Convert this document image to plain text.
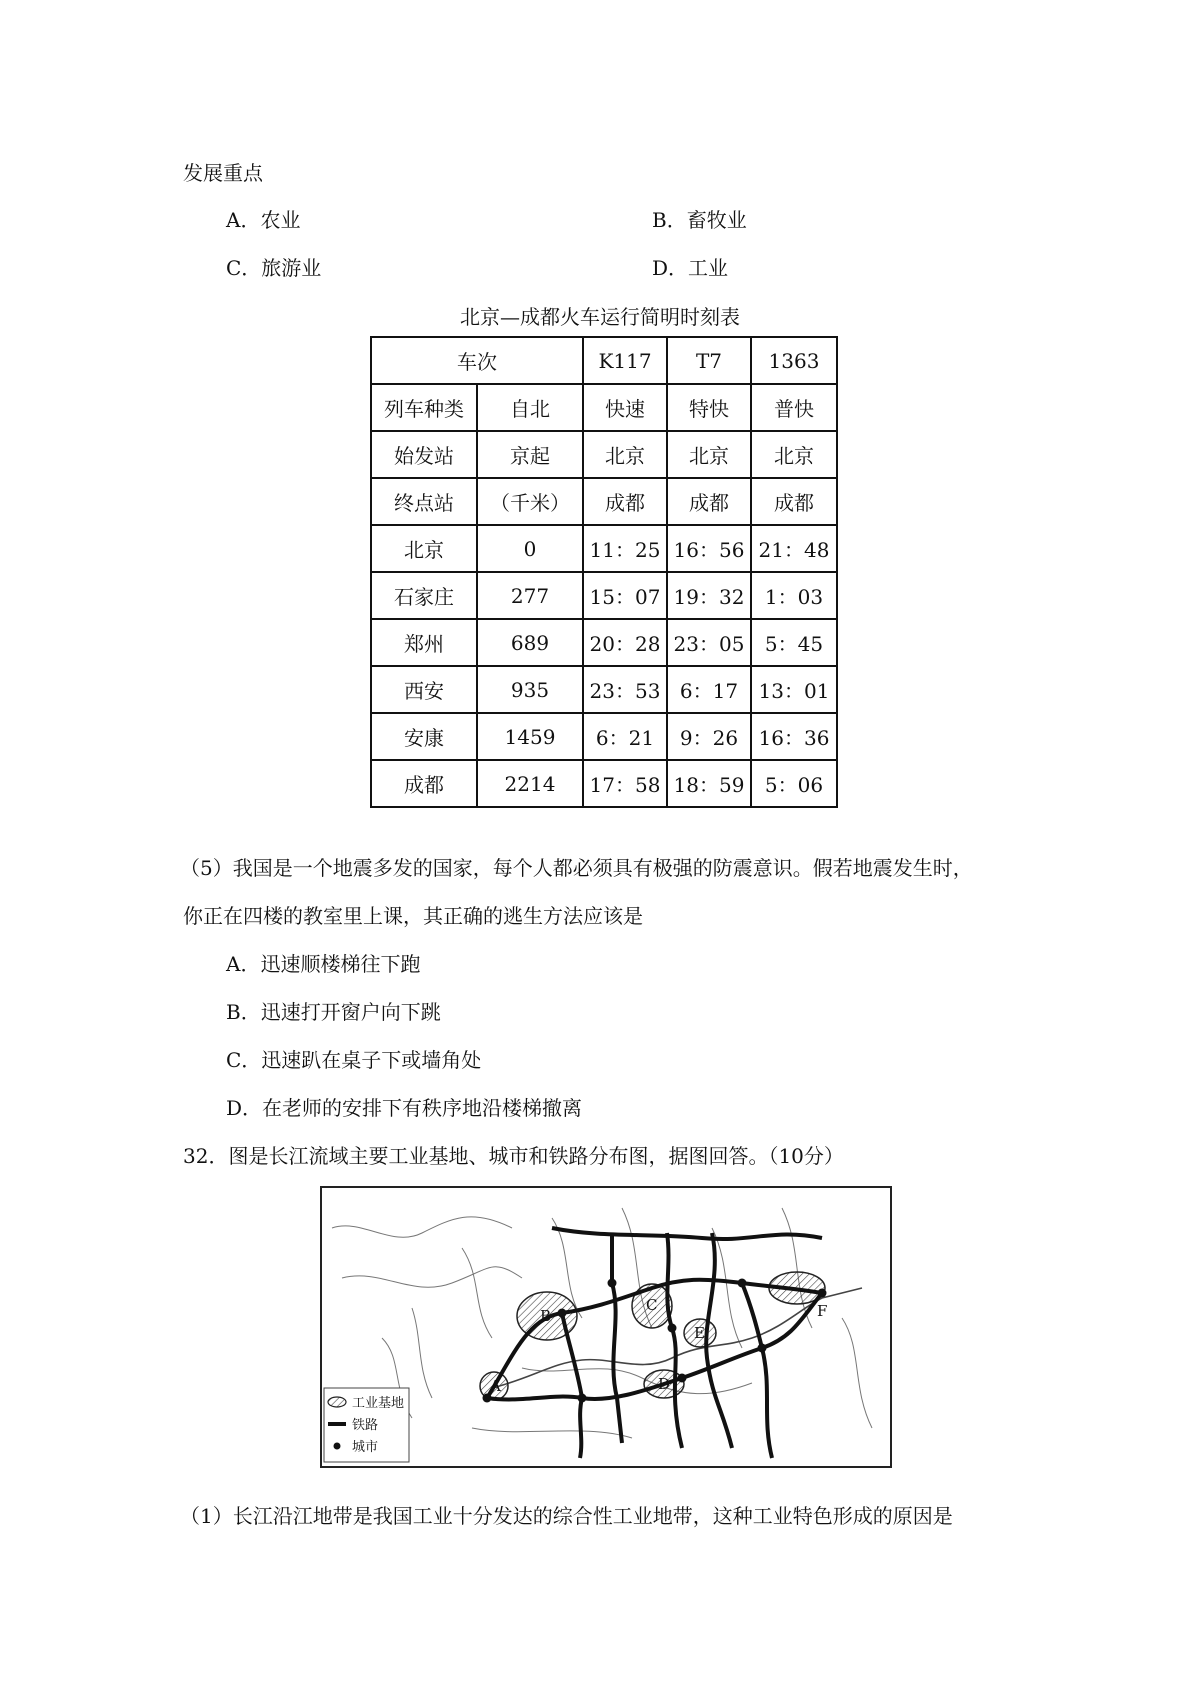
发展重点
A．农业	B．畜牧业
C．旅游业	D．工业
北京—成都火车运行简明时刻表
车次		K117	T7	1363
列车种类	自北	快速	特快	普快
始发站	京起	北京	北京	北京
终点站	（千米）	成都	成都	成都
北京	0	11：25	16：56	21：48
石家庄	277	15：07	19：32	1：03
郑州	689	20：28	23：05	5：45
西安	935	23：53	6：17	13：01
安康	1459	6：21	9：26	16：36
成都	2214	17：58	18：59	5：06
（5）我国是一个地震多发的国家，每个人都必须具有极强的防震意识。假若地震发生时，
你正在四楼的教室里上课，其正确的逃生方法应该是
A．迅速顺楼梯往下跑
B．迅速打开窗户向下跳
C．迅速趴在桌子下或墙角处
D．在老师的安排下有秩序地沿楼梯撤离
32．图是长江流域主要工业基地、城市和铁路分布图，据图回答。（10分）
A
B
C
D
E
F
工业基地
铁路
城市
（1）长江沿江地带是我国工业十分发达的综合性工业地带，这种工业特色形成的原因是
